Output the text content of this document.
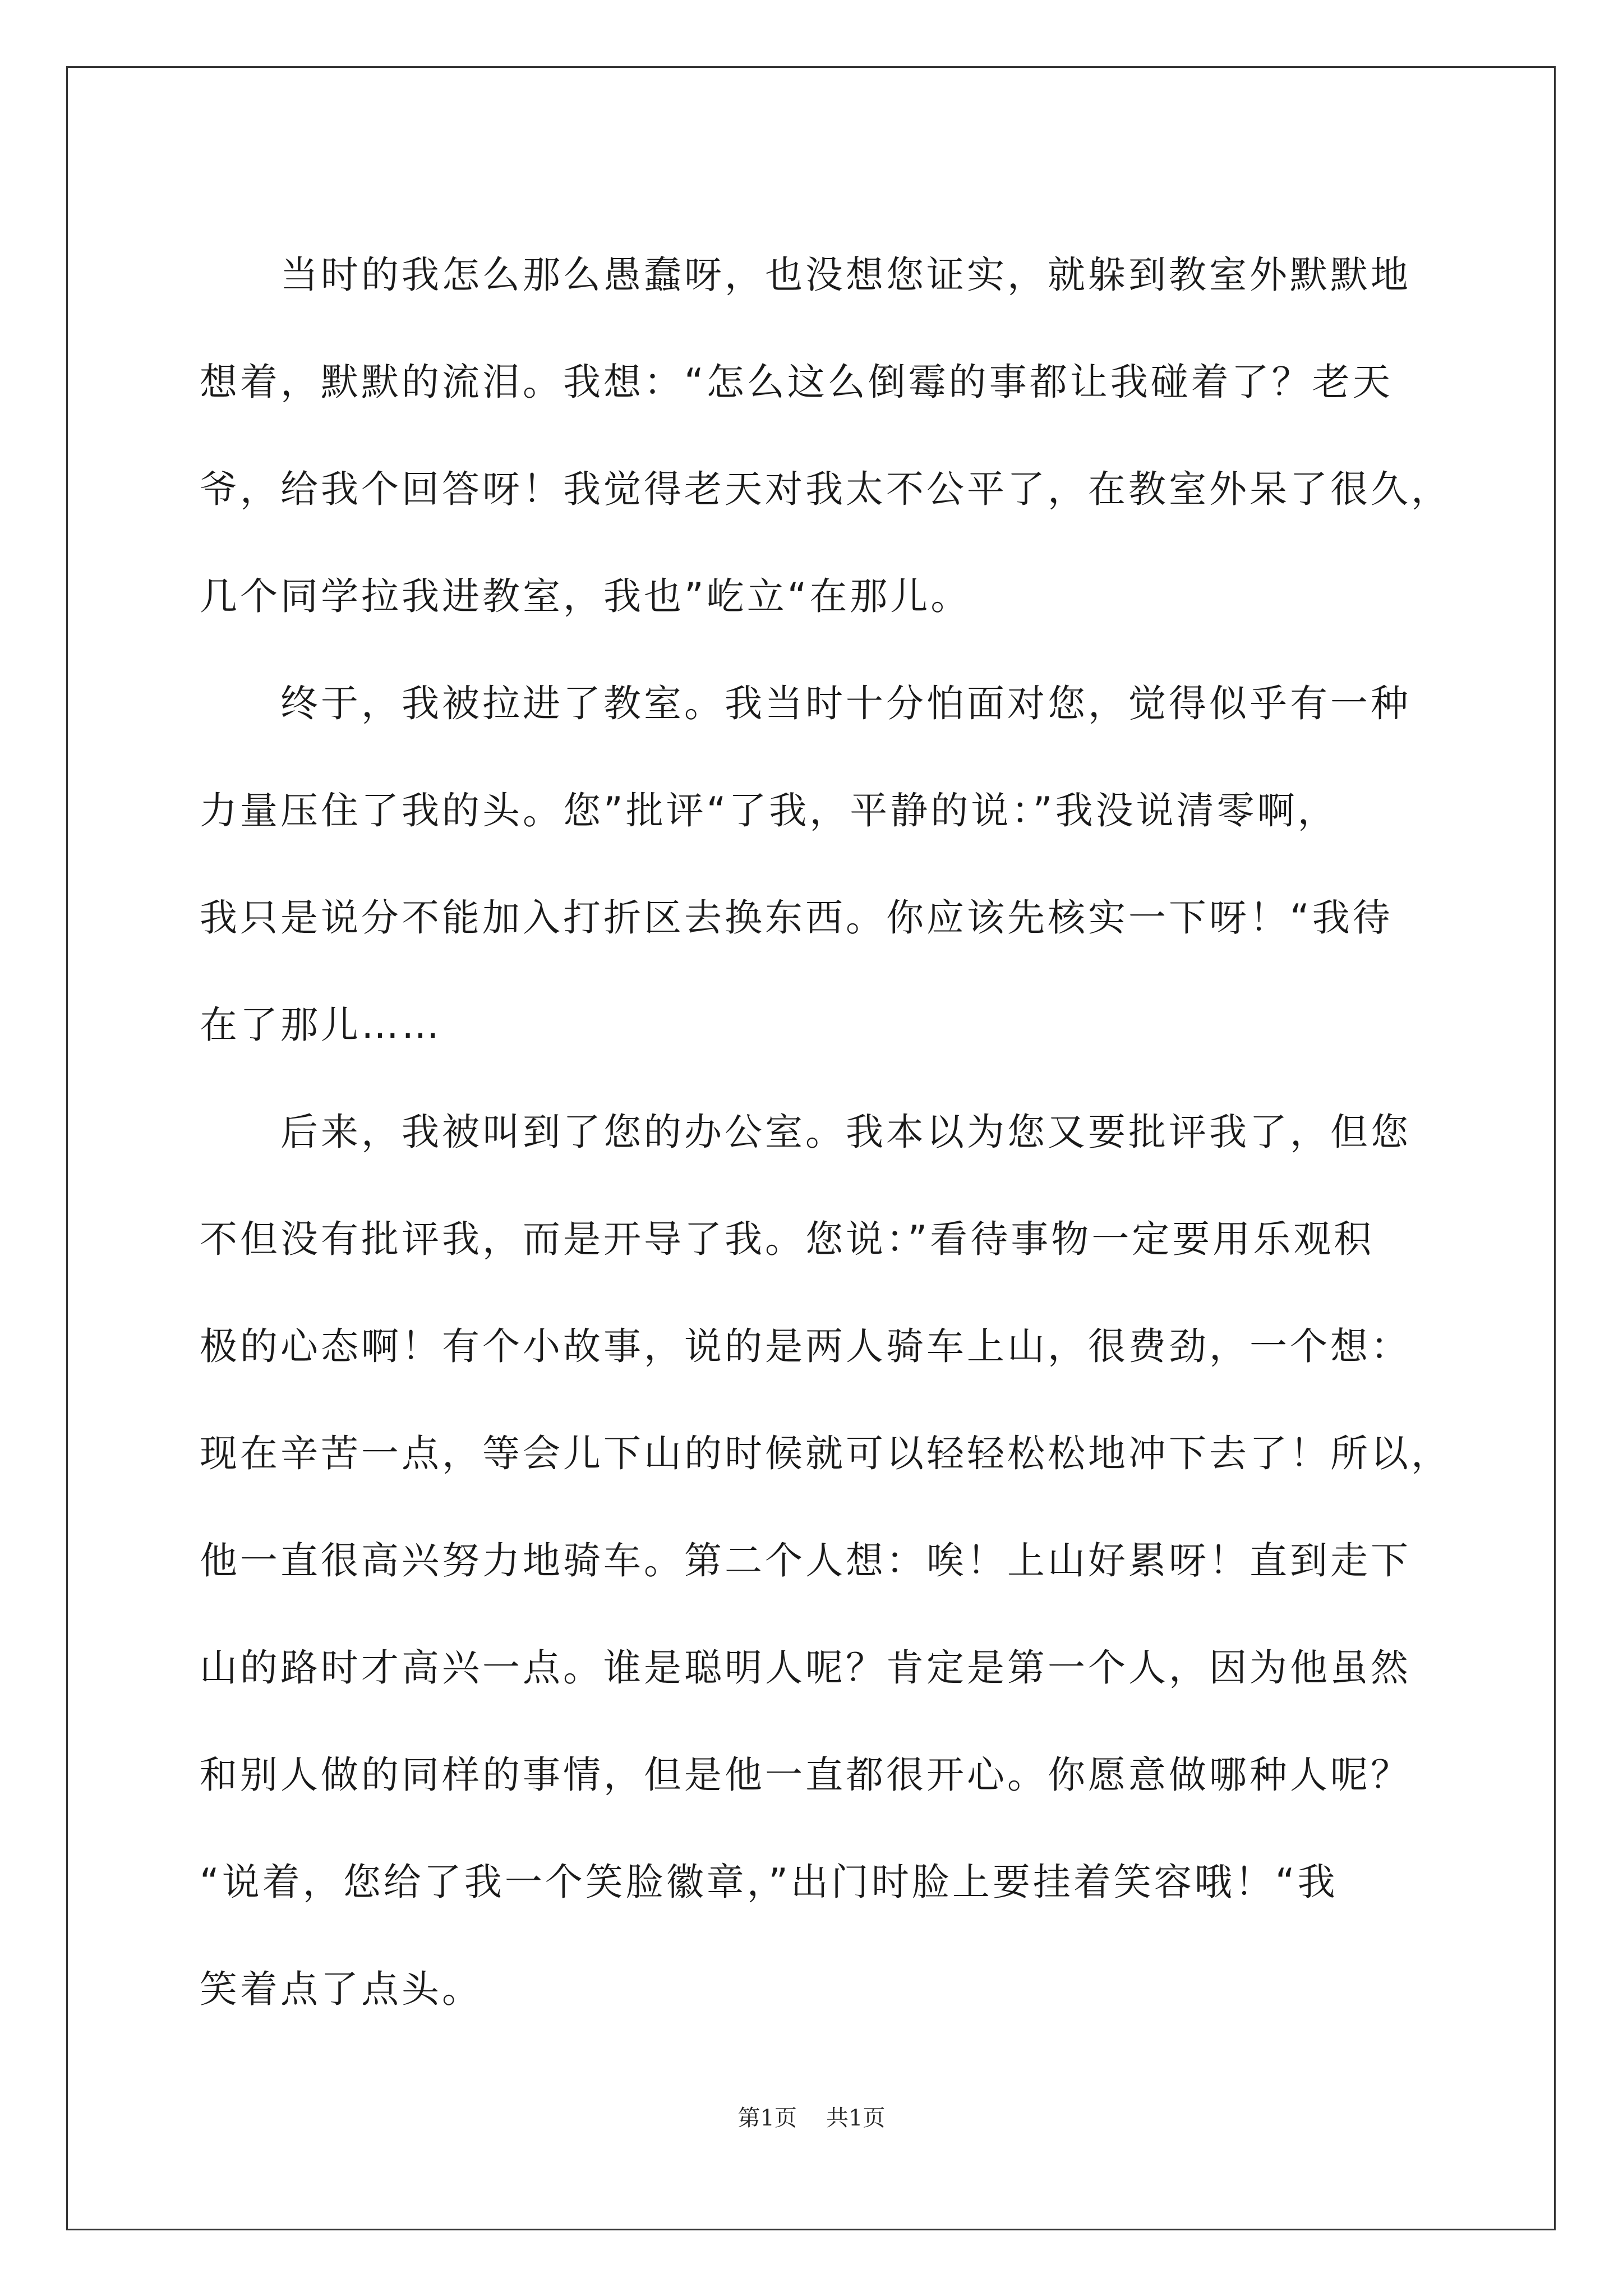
　　当时的我怎么那么愚蠢呀，也没想您证实，就躲到教室外默默地
想着，默默的流泪。我想：“怎么这么倒霉的事都让我碰着了？老天
爷，给我个回答呀！我觉得老天对我太不公平了，在教室外呆了很久，
几个同学拉我进教室，我也”屹立“在那儿。
　　终于，我被拉进了教室。我当时十分怕面对您，觉得似乎有一种
力量压住了我的头。您”批评“了我，平静的说：”我没说清零啊，
我只是说分不能加入打折区去换东西。你应该先核实一下呀！“我待
在了那儿……
　　后来，我被叫到了您的办公室。我本以为您又要批评我了，但您
不但没有批评我，而是开导了我。您说：”看待事物一定要用乐观积
极的心态啊！有个小故事，说的是两人骑车上山，很费劲，一个想：
现在辛苦一点，等会儿下山的时候就可以轻轻松松地冲下去了！所以，
他一直很高兴努力地骑车。第二个人想：唉！上山好累呀！直到走下
山的路时才高兴一点。谁是聪明人呢？肯定是第一个人，因为他虽然
和别人做的同样的事情，但是他一直都很开心。你愿意做哪种人呢？
“说着，您给了我一个笑脸徽章，”出门时脸上要挂着笑容哦！“我
笑着点了点头。
第1页 共1页
